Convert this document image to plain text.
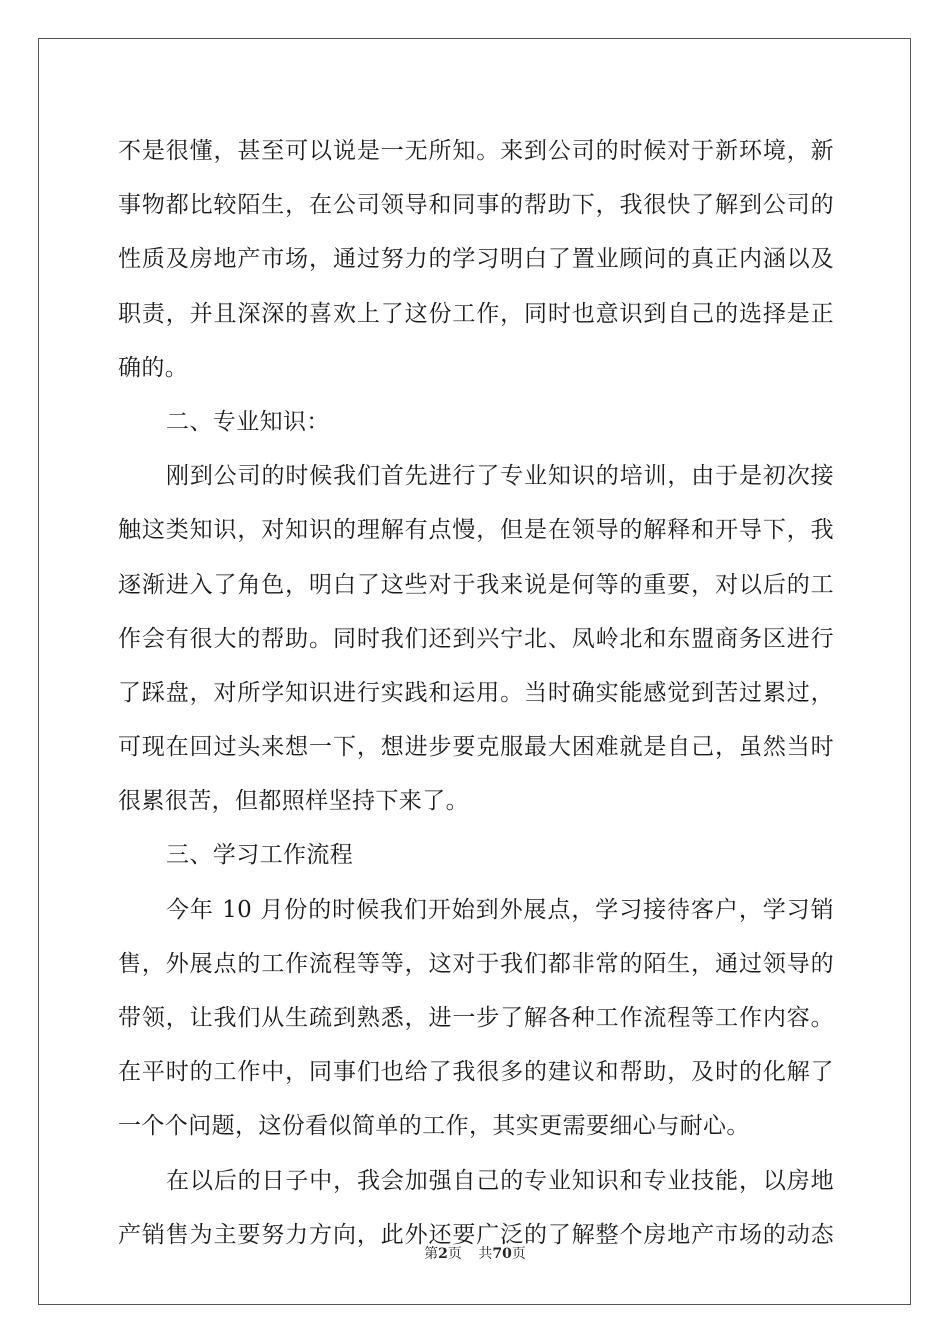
不是很懂，甚至可以说是一无所知。来到公司的时候对于新环境，新
事物都比较陌生，在公司领导和同事的帮助下，我很快了解到公司的
性质及房地产市场，通过努力的学习明白了置业顾问的真正内涵以及
职责，并且深深的喜欢上了这份工作，同时也意识到自己的选择是正
确的。
二、专业知识：
刚到公司的时候我们首先进行了专业知识的培训，由于是初次接
触这类知识，对知识的理解有点慢，但是在领导的解释和开导下，我
逐渐进入了角色，明白了这些对于我来说是何等的重要，对以后的工
作会有很大的帮助。同时我们还到兴宁北、凤岭北和东盟商务区进行
了踩盘，对所学知识进行实践和运用。当时确实能感觉到苦过累过，
可现在回过头来想一下，想进步要克服最大困难就是自己，虽然当时
很累很苦，但都照样坚持下来了。
三、学习工作流程
今年 10 月份的时候我们开始到外展点，学习接待客户，学习销
售，外展点的工作流程等等，这对于我们都非常的陌生，通过领导的
带领，让我们从生疏到熟悉，进一步了解各种工作流程等工作内容。
在平时的工作中，同事们也给了我很多的建议和帮助，及时的化解了
一个个问题，这份看似简单的工作，其实更需要细心与耐心。
在以后的日子中，我会加强自己的专业知识和专业技能，以房地
产销售为主要努力方向，此外还要广泛的了解整个房地产市场的动态
第2页 共70页
